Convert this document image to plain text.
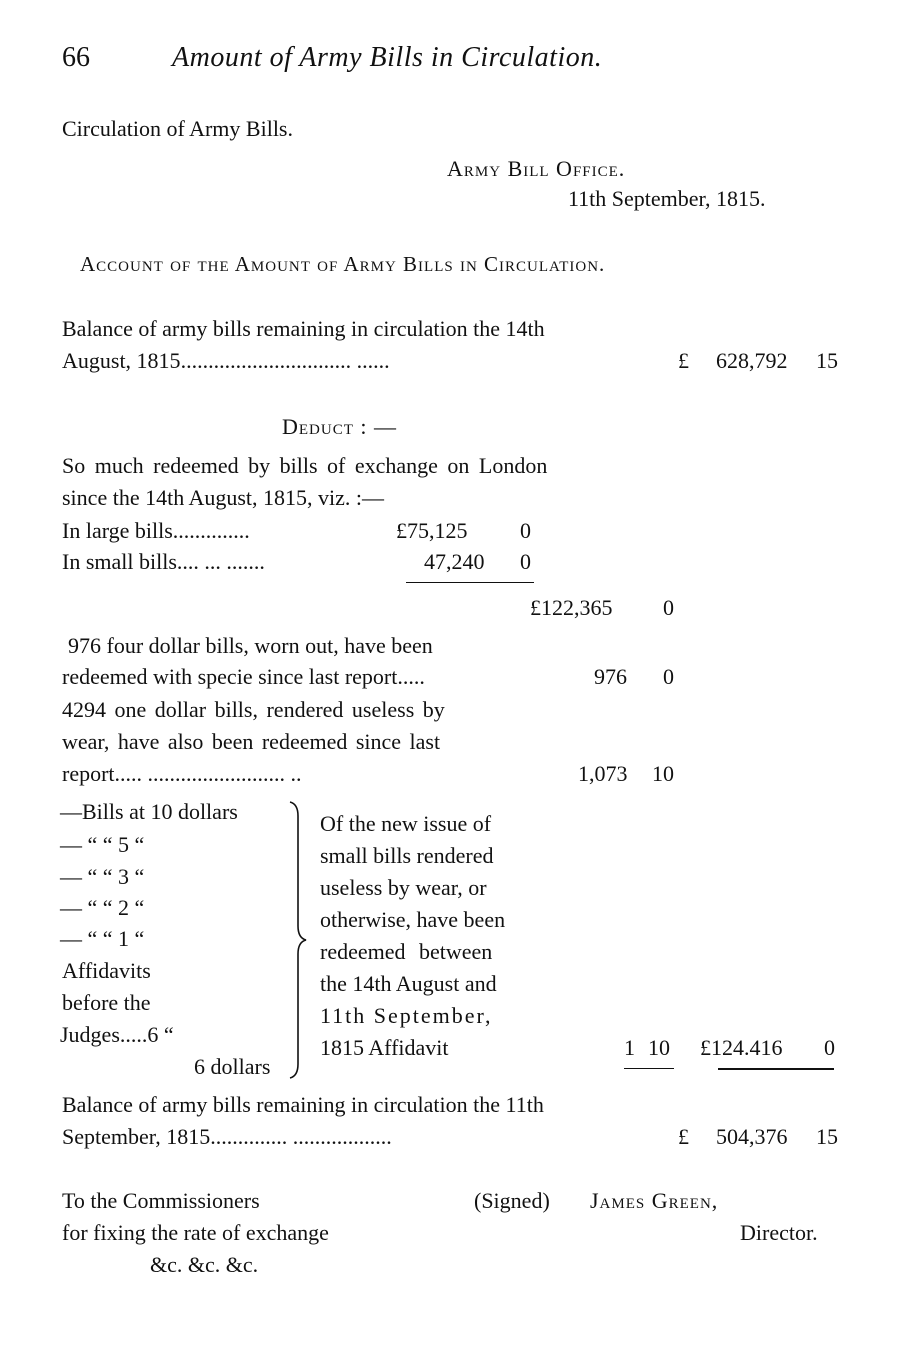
66	Amount of Army Bills in Circulation.
Circulation of Army Bills.
Army Bill Office.
11th September, 1815.
Account of the Amount of Army Bills in Circulation.
Balance of army bills remaining in circulation the 14th
August, 1815............................... ......	£ 628,792 15
Deduct : —
So much redeemed by bills of exchange on London
since the 14th August, 1815, viz. :—
In large bills..............	£75,125 0
In small bills.... ... .......	47,240 0
£122,365 0
976 four dollar bills, worn out, have been
redeemed with specie since last report.....	976 0
4294 one dollar bills, rendered useless by
wear, have also been redeemed since last
report..... ......................... ..	1,073 10
—Bills at 10 dollars
— “ “ 5 “
— “ “ 3 “
— “ “ 2 “
— “ “ 1 “
Affidavits
before the
Judges.....6 “
6 dollars
Of the new issue of
small bills rendered
useless by wear, or
otherwise, have been
redeemed between
the 14th August and
11th September,
1815 Affidavit	1 10 £124.416 0
Balance of army bills remaining in circulation the 11th
September, 1815.............. ..................	£ 504,376 15
To the Commissioners
for fixing the rate of exchange
&c. &c. &c.
(Signed) James Green,
Director.
